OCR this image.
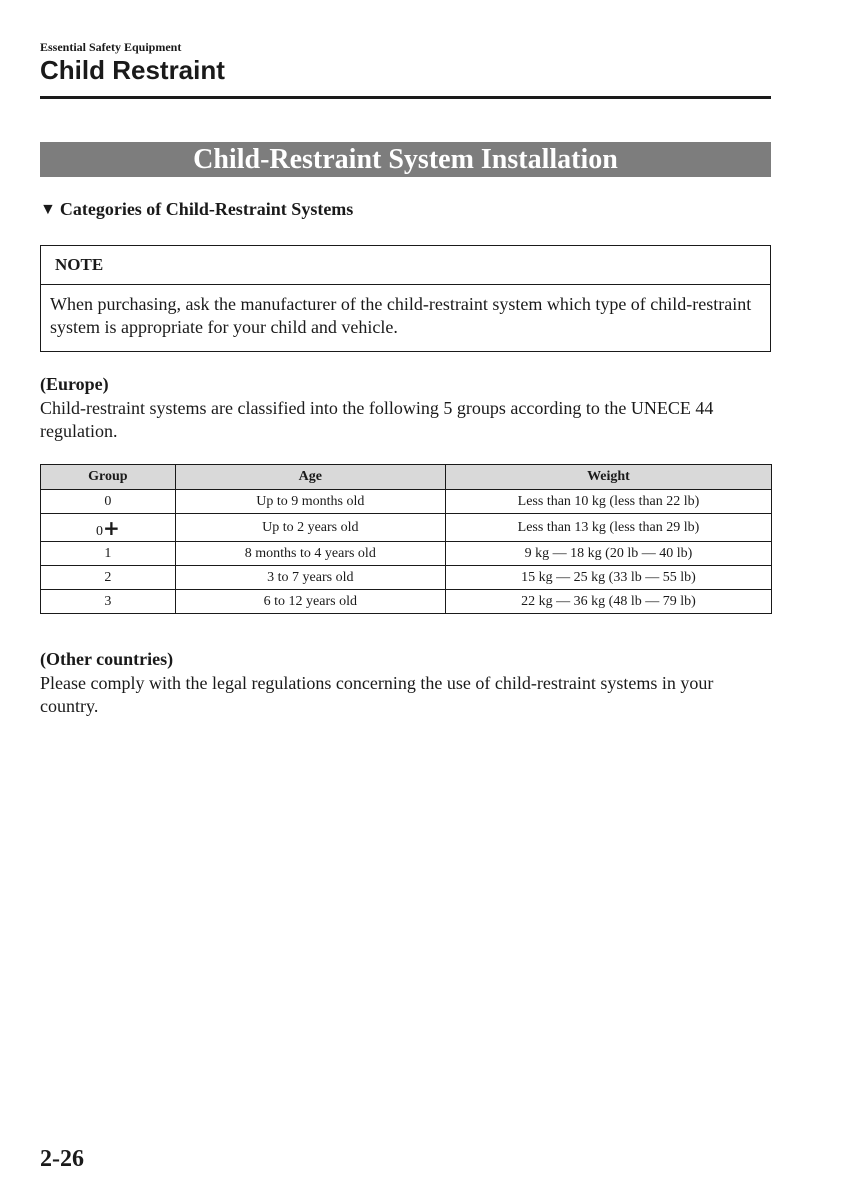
Essential Safety Equipment
Child Restraint
Child-Restraint System Installation
▼ Categories of Child-Restraint Systems
NOTE
When purchasing, ask the manufacturer of the child-restraint system which type of child-restraint system is appropriate for your child and vehicle.
(Europe)
Child-restraint systems are classified into the following 5 groups according to the UNECE 44 regulation.
Group	Age	Weight
0	Up to 9 months old	Less than 10 kg (less than 22 lb)
0+	Up to 2 years old	Less than 13 kg (less than 29 lb)
1	8 months to 4 years old	9 kg — 18 kg (20 lb — 40 lb)
2	3 to 7 years old	15 kg — 25 kg (33 lb — 55 lb)
3	6 to 12 years old	22 kg — 36 kg (48 lb — 79 lb)
(Other countries)
Please comply with the legal regulations concerning the use of child-restraint systems in your country.
2-26
